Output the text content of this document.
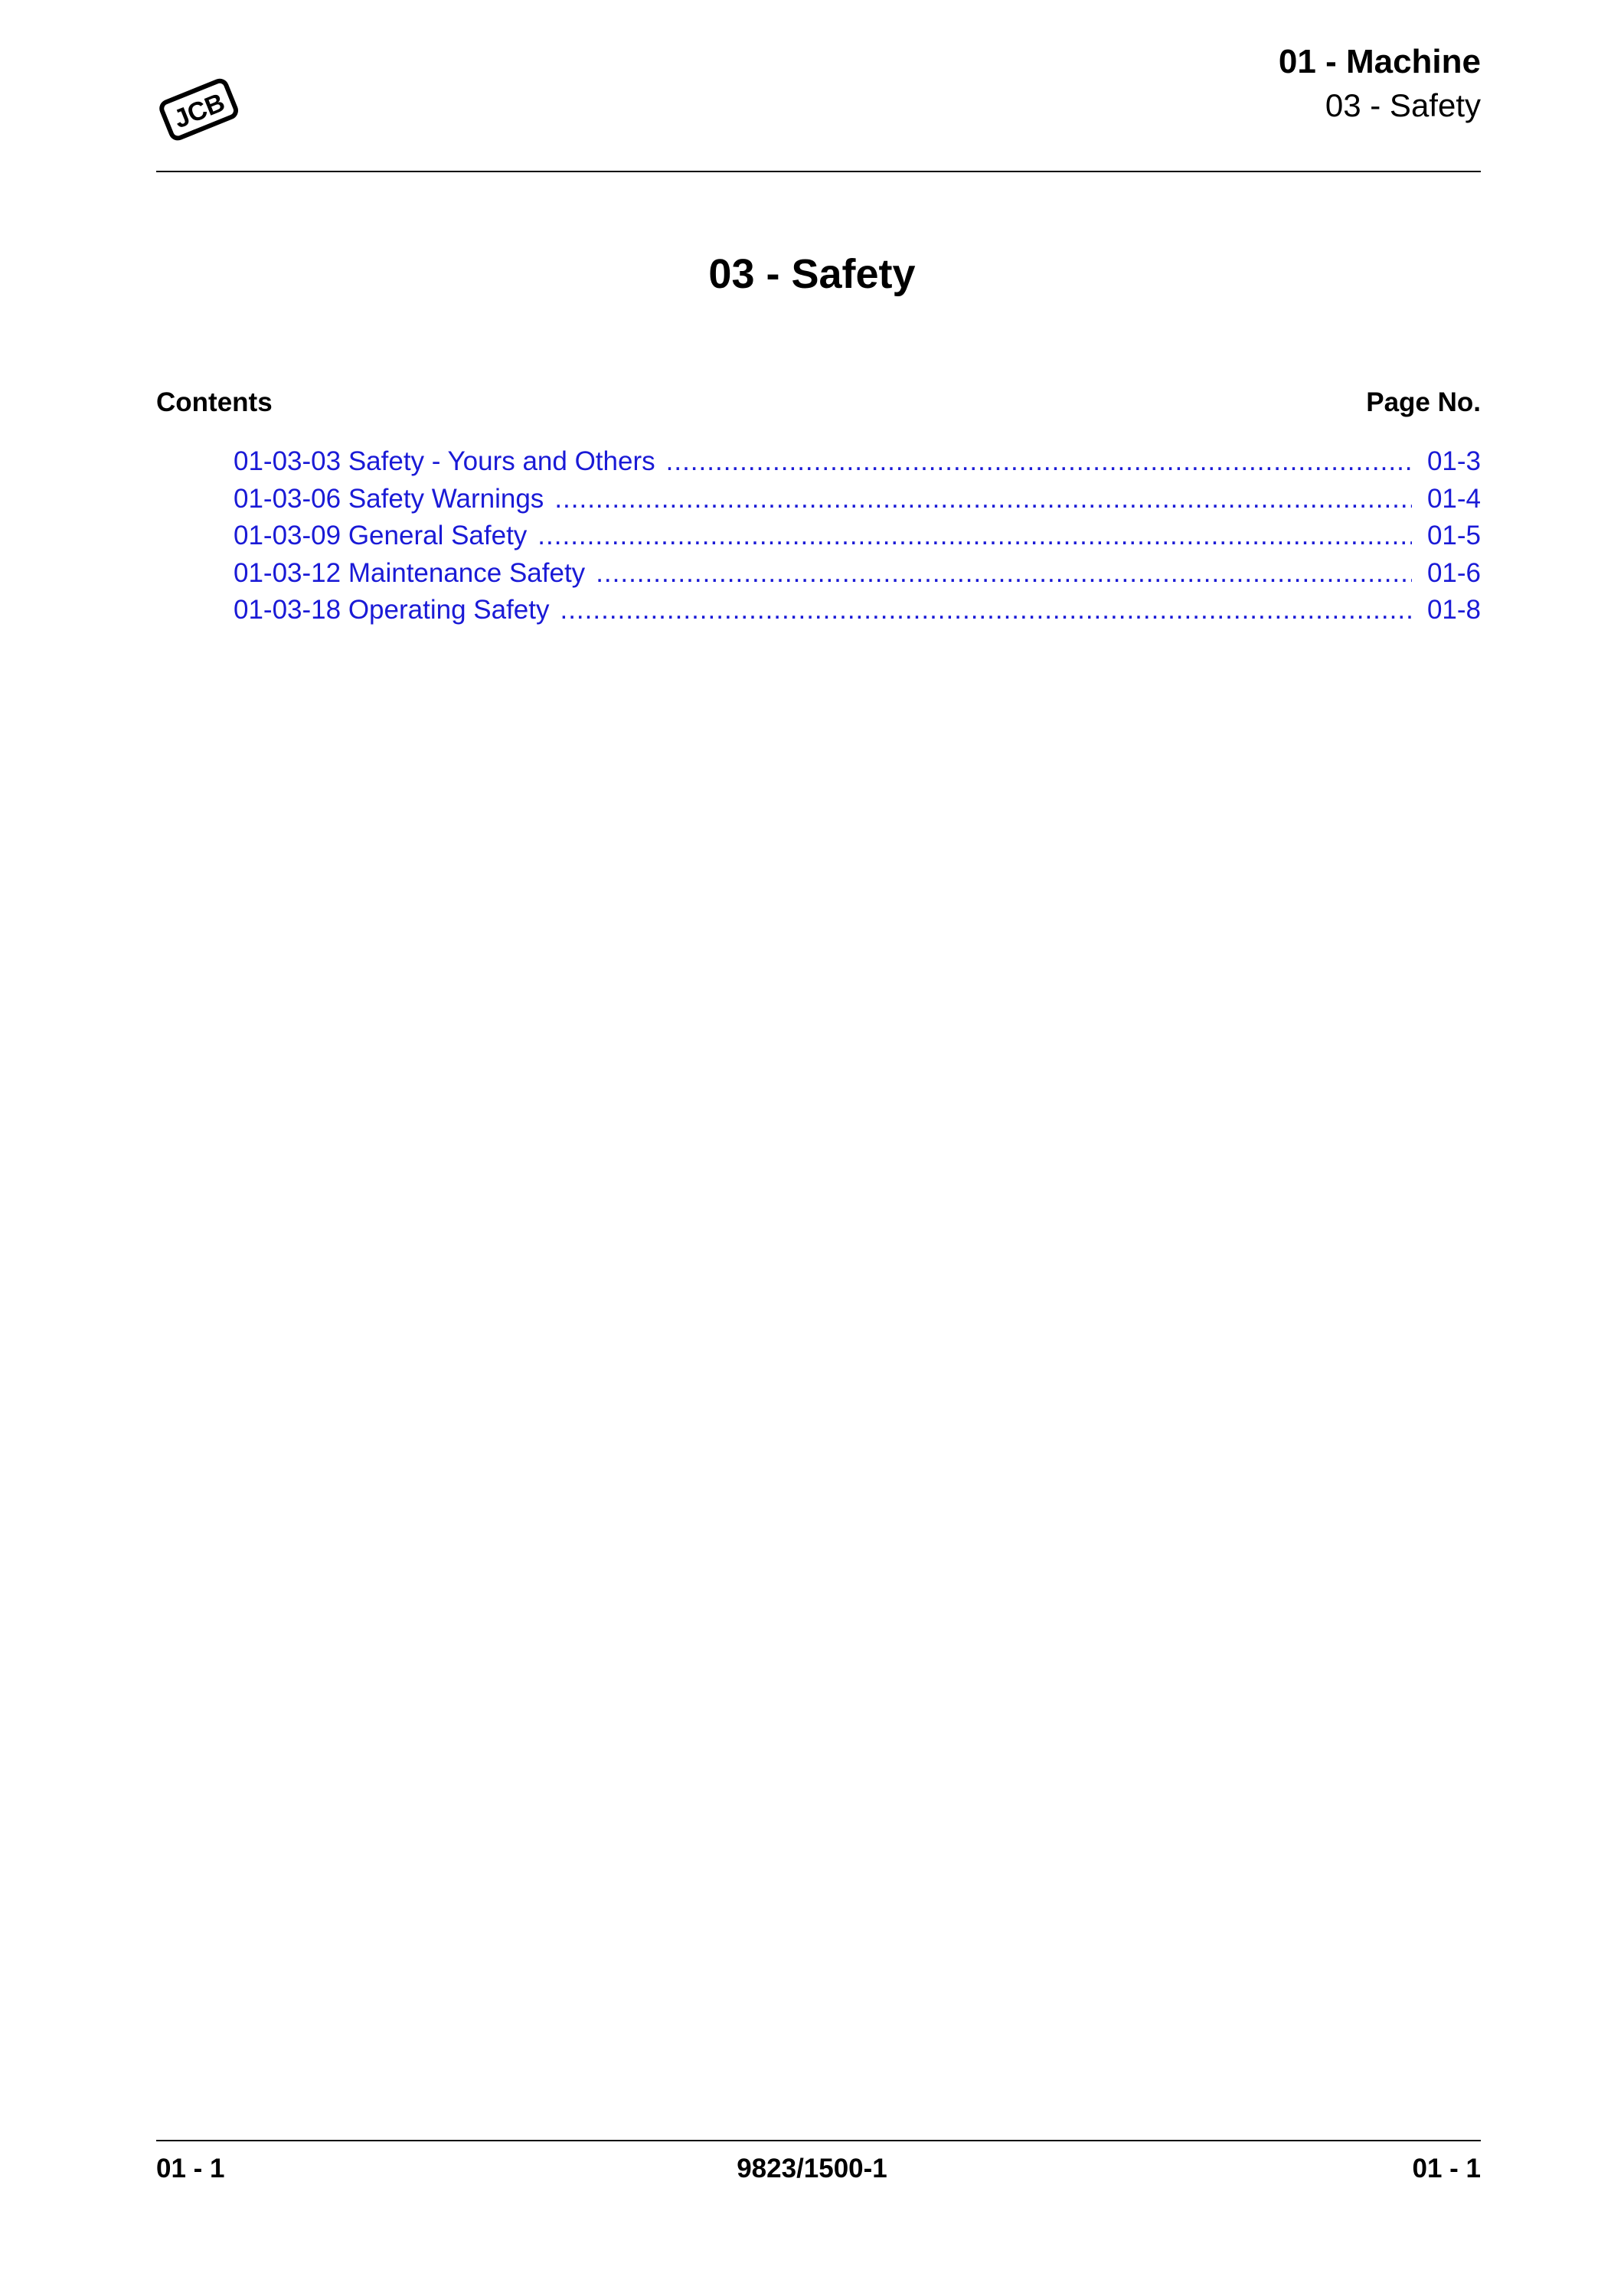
JCB
01 - Machine
03 - Safety
03 - Safety
Contents	Page No.
01-03-03 Safety - Yours and Others .....	01-3
01-03-06 Safety Warnings .....	01-4
01-03-09 General Safety .....	01-5
01-03-12 Maintenance Safety .....	01-6
01-03-18 Operating Safety .....	01-8
01 - 1	9823/1500-1	01 - 1
